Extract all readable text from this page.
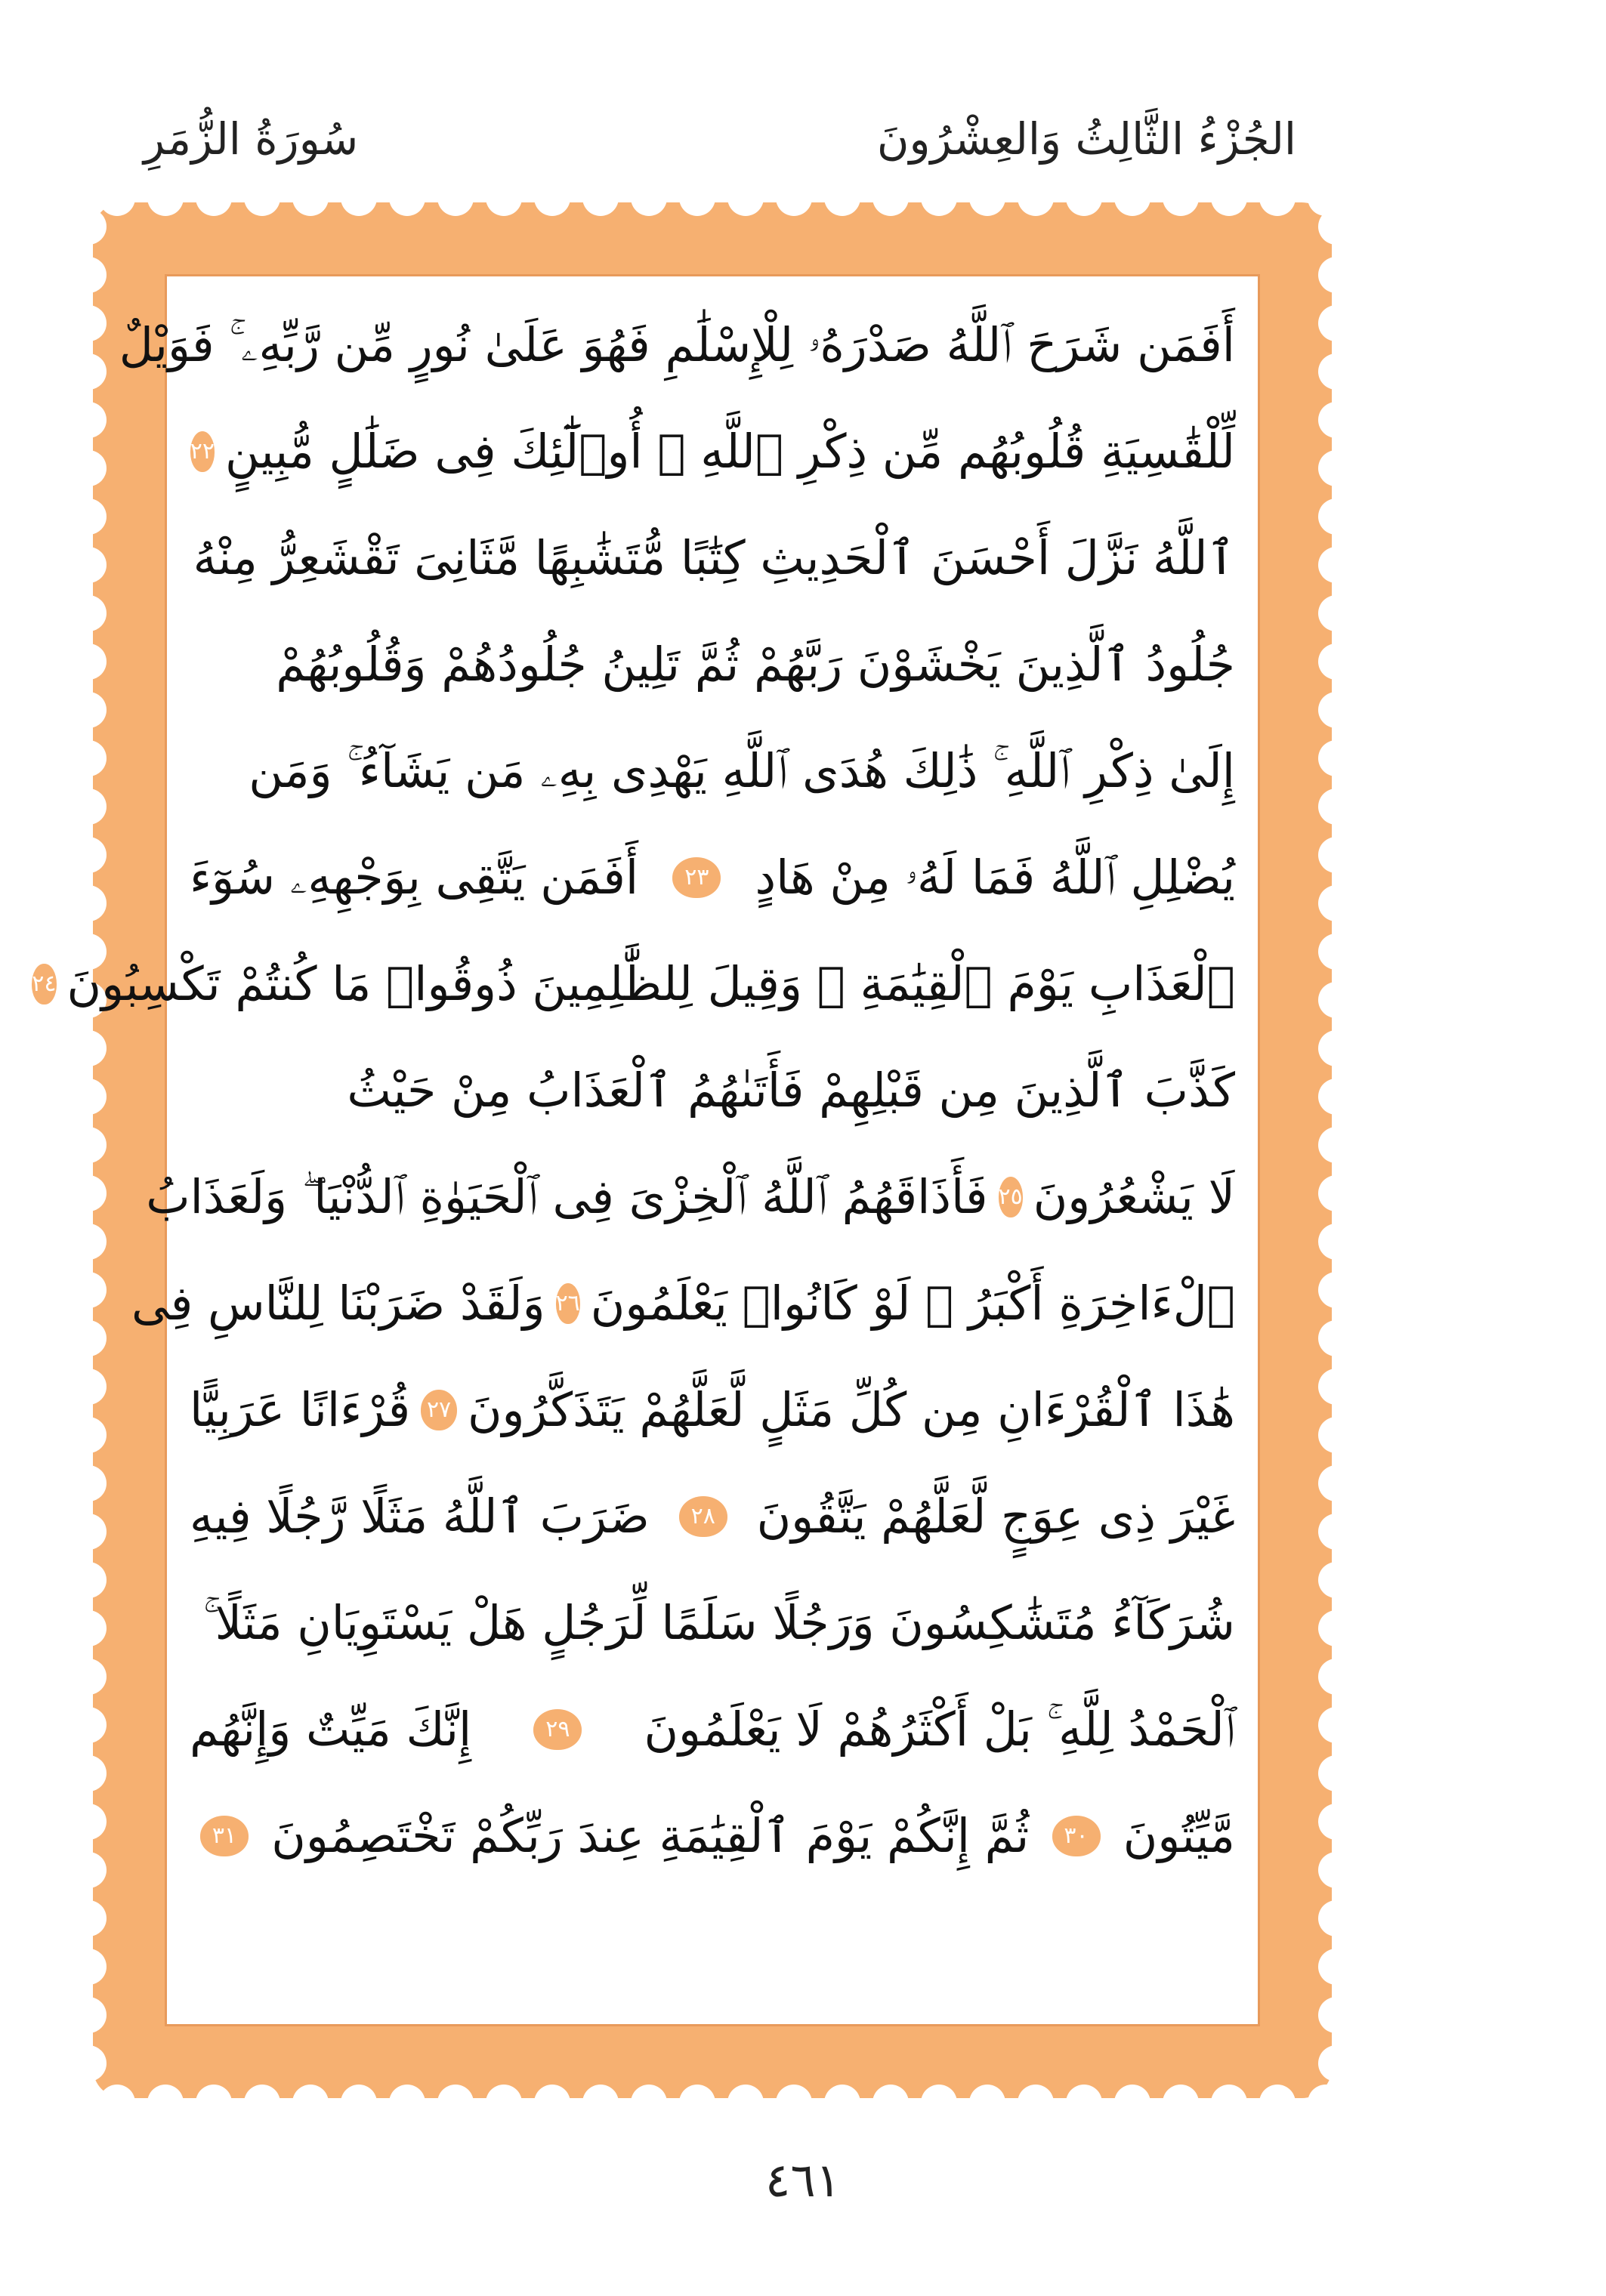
الجُزْءُ الثَّالِثُ وَالعِشْرُونَ
سُورَةُ الزُّمَرِ
أَفَمَن شَرَحَ ٱللَّهُ صَدْرَهُۥ لِلْإِسْلَٰمِ فَهُوَ عَلَىٰ نُورٍ مِّن رَّبِّهِۦ ۚ فَوَيْلٌ
لِّلْقَٰسِيَةِ قُلُوبُهُم مِّن ذِكْرِ ٱللَّهِ ۚ أُو۟لَٰٓئِكَ فِى ضَلَٰلٍ مُّبِينٍ
٢٢
ٱللَّهُ نَزَّلَ أَحْسَنَ ٱلْحَدِيثِ كِتَٰبًا مُّتَشَٰبِهًا مَّثَانِىَ تَقْشَعِرُّ مِنْهُ
جُلُودُ ٱلَّذِينَ يَخْشَوْنَ رَبَّهُمْ ثُمَّ تَلِينُ جُلُودُهُمْ وَقُلُوبُهُمْ
إِلَىٰ ذِكْرِ ٱللَّهِ ۚ ذَٰلِكَ هُدَى ٱللَّهِ يَهْدِى بِهِۦ مَن يَشَآءُ ۚ وَمَن
يُضْلِلِ ٱللَّهُ فَمَا لَهُۥ مِنْ هَادٍ
٢٣
أَفَمَن يَتَّقِى بِوَجْهِهِۦ سُوٓءَ
ٱلْعَذَابِ يَوْمَ ٱلْقِيَٰمَةِ ۚ وَقِيلَ لِلظَّٰلِمِينَ ذُوقُوا۟ مَا كُنتُمْ تَكْسِبُونَ
٢٤
كَذَّبَ ٱلَّذِينَ مِن قَبْلِهِمْ فَأَتَىٰهُمُ ٱلْعَذَابُ مِنْ حَيْثُ
لَا يَشْعُرُونَ
٢٥
فَأَذَاقَهُمُ ٱللَّهُ ٱلْخِزْىَ فِى ٱلْحَيَوٰةِ ٱلدُّنْيَا ۖ وَلَعَذَابُ
ٱلْءَاخِرَةِ أَكْبَرُ ۚ لَوْ كَانُوا۟ يَعْلَمُونَ
٢٦
وَلَقَدْ ضَرَبْنَا لِلنَّاسِ فِى
هَٰذَا ٱلْقُرْءَانِ مِن كُلِّ مَثَلٍ لَّعَلَّهُمْ يَتَذَكَّرُونَ
٢٧
قُرْءَانًا عَرَبِيًّا
غَيْرَ ذِى عِوَجٍ لَّعَلَّهُمْ يَتَّقُونَ
٢٨
ضَرَبَ ٱللَّهُ مَثَلًا رَّجُلًا فِيهِ
شُرَكَآءُ مُتَشَٰكِسُونَ وَرَجُلًا سَلَمًا لِّرَجُلٍ هَلْ يَسْتَوِيَانِ مَثَلًا ۚ
ٱلْحَمْدُ لِلَّهِ ۚ بَلْ أَكْثَرُهُمْ لَا يَعْلَمُونَ
٢٩
إِنَّكَ مَيِّتٌ وَإِنَّهُم
مَّيِّتُونَ
٣٠
ثُمَّ إِنَّكُمْ يَوْمَ ٱلْقِيَٰمَةِ عِندَ رَبِّكُمْ تَخْتَصِمُونَ
٣١
٤٦١
